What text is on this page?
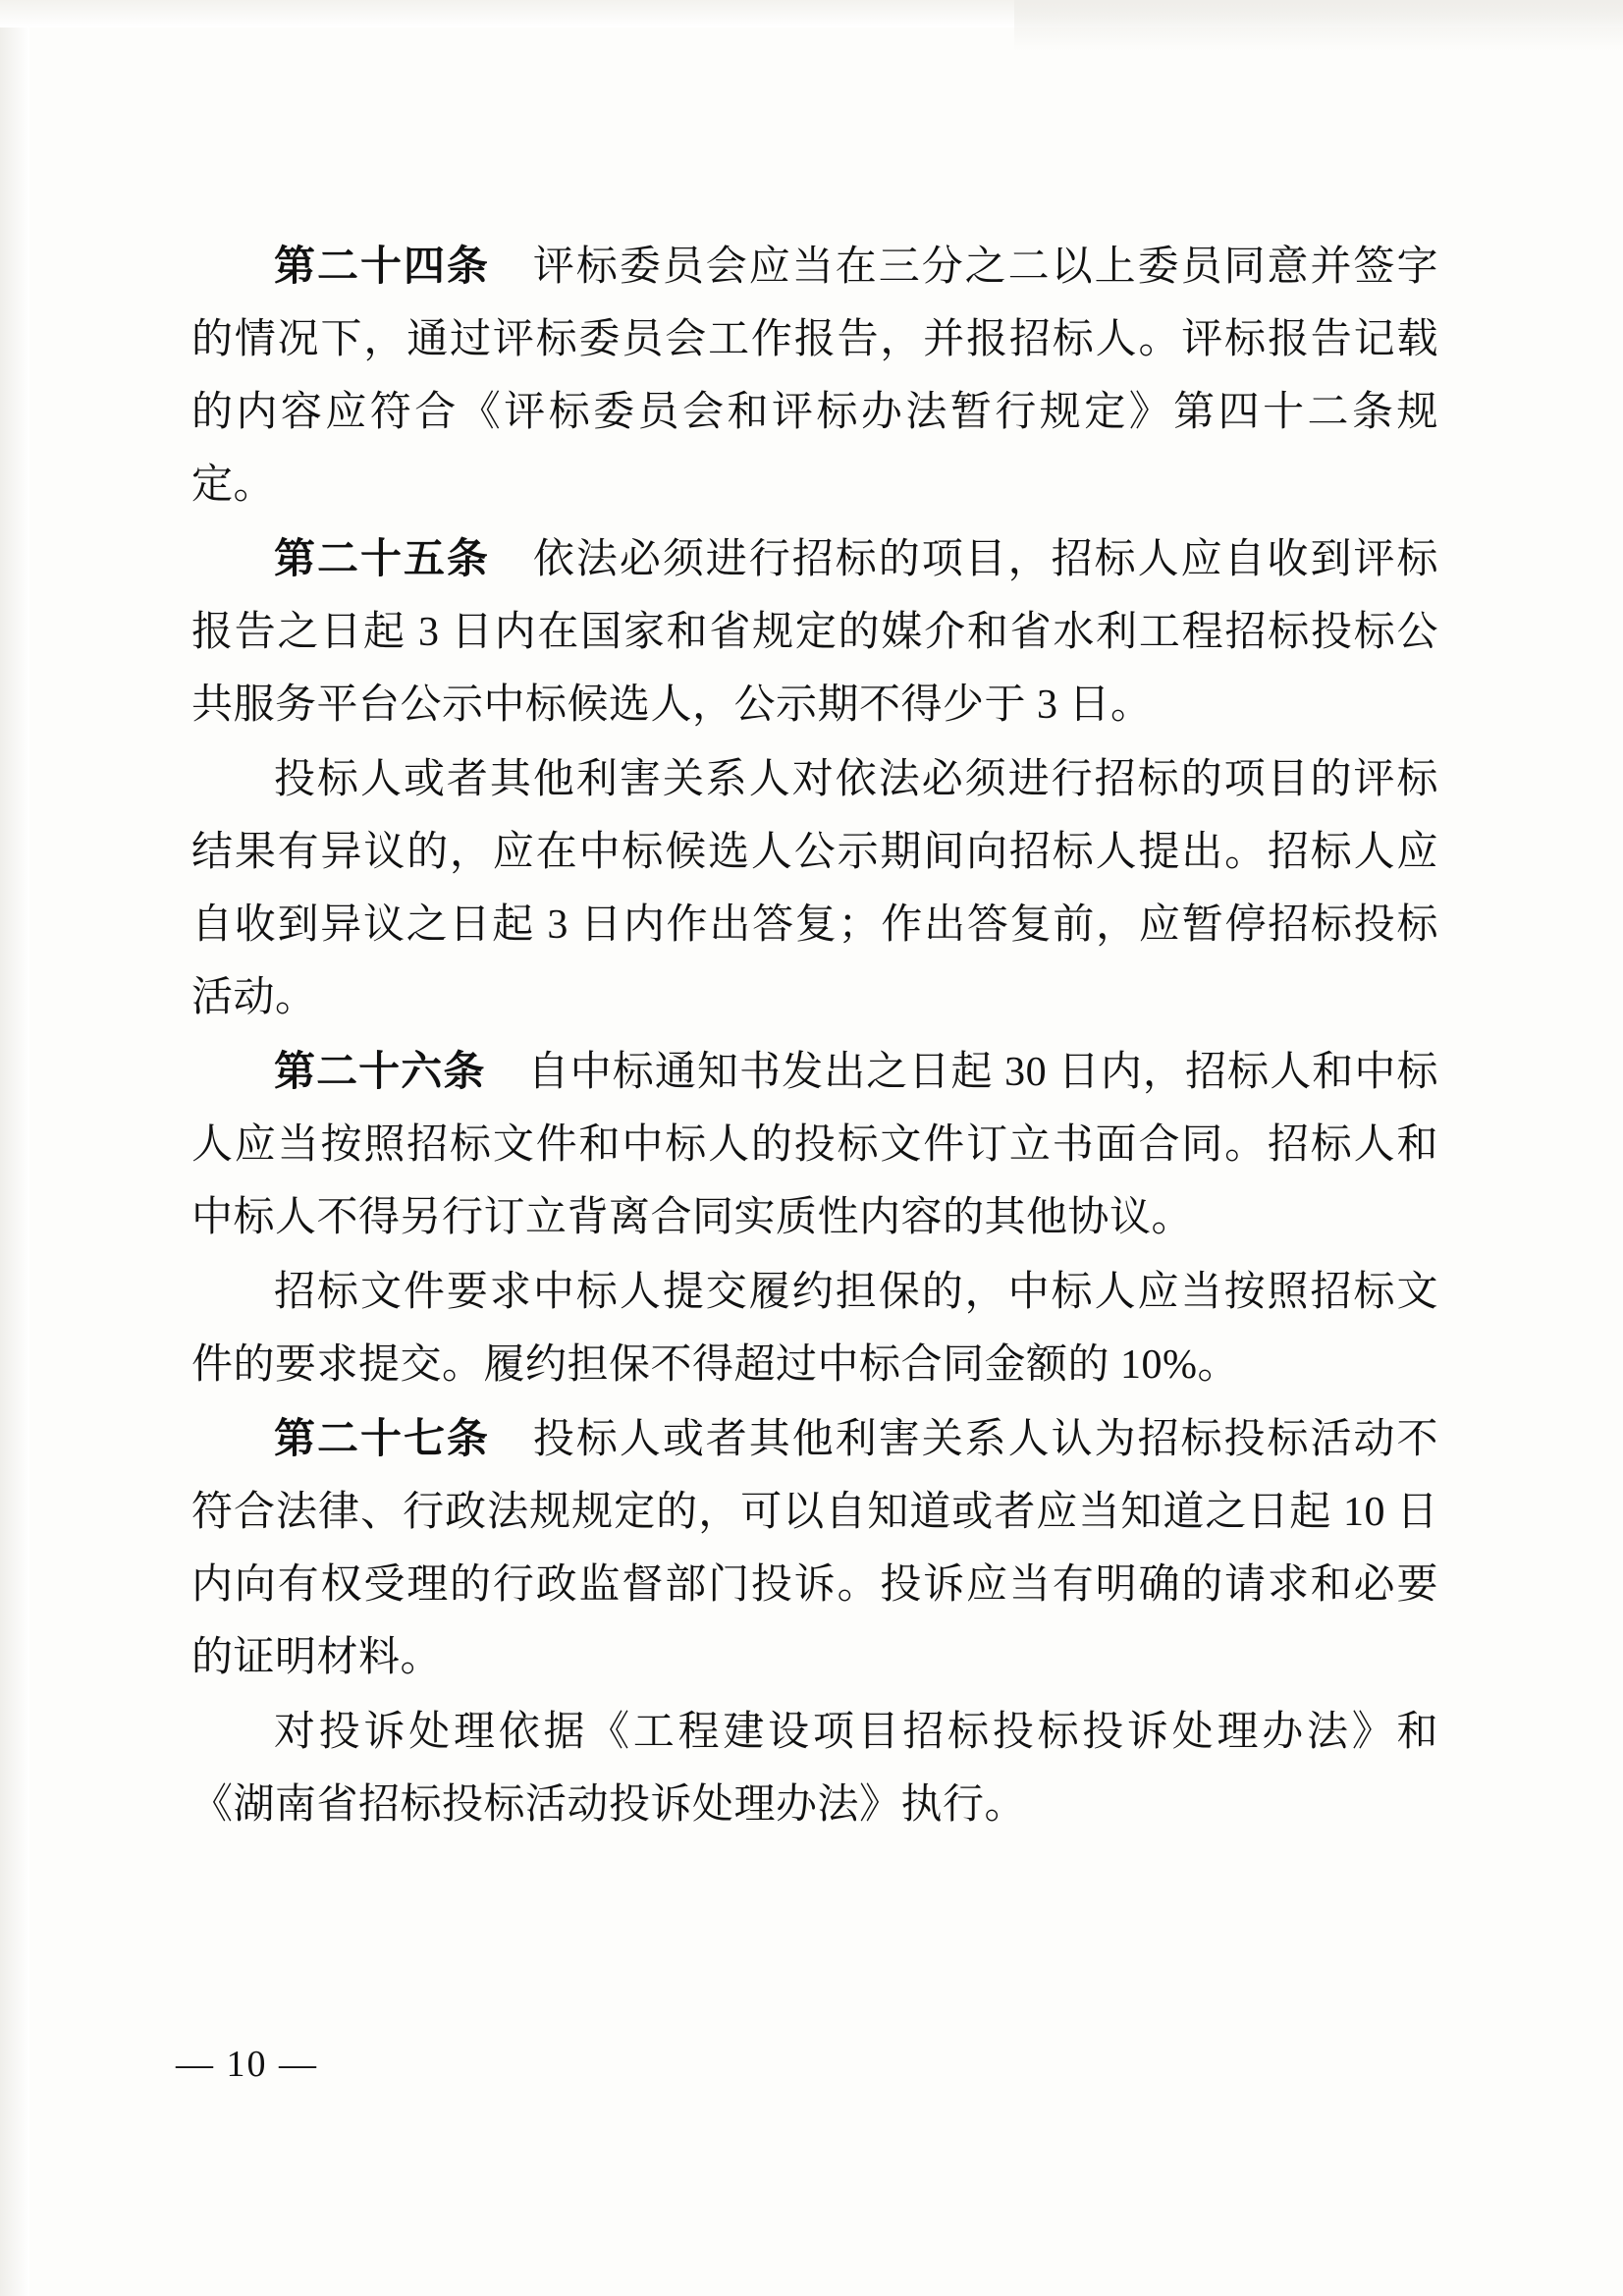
第二十四条　评标委员会应当在三分之二以上委员同意并签字的情况下，通过评标委员会工作报告，并报招标人。评标报告记载的内容应符合《评标委员会和评标办法暂行规定》第四十二条规定。

第二十五条　依法必须进行招标的项目，招标人应自收到评标报告之日起 3 日内在国家和省规定的媒介和省水利工程招标投标公共服务平台公示中标候选人，公示期不得少于 3 日。

投标人或者其他利害关系人对依法必须进行招标的项目的评标结果有异议的，应在中标候选人公示期间向招标人提出。招标人应自收到异议之日起 3 日内作出答复；作出答复前，应暂停招标投标活动。

第二十六条　自中标通知书发出之日起 30 日内，招标人和中标人应当按照招标文件和中标人的投标文件订立书面合同。招标人和中标人不得另行订立背离合同实质性内容的其他协议。

招标文件要求中标人提交履约担保的，中标人应当按照招标文件的要求提交。履约担保不得超过中标合同金额的 10%。

第二十七条　投标人或者其他利害关系人认为招标投标活动不符合法律、行政法规规定的，可以自知道或者应当知道之日起 10 日内向有权受理的行政监督部门投诉。投诉应当有明确的请求和必要的证明材料。

对投诉处理依据《工程建设项目招标投标投诉处理办法》和《湖南省招标投标活动投诉处理办法》执行。

— 10 —
